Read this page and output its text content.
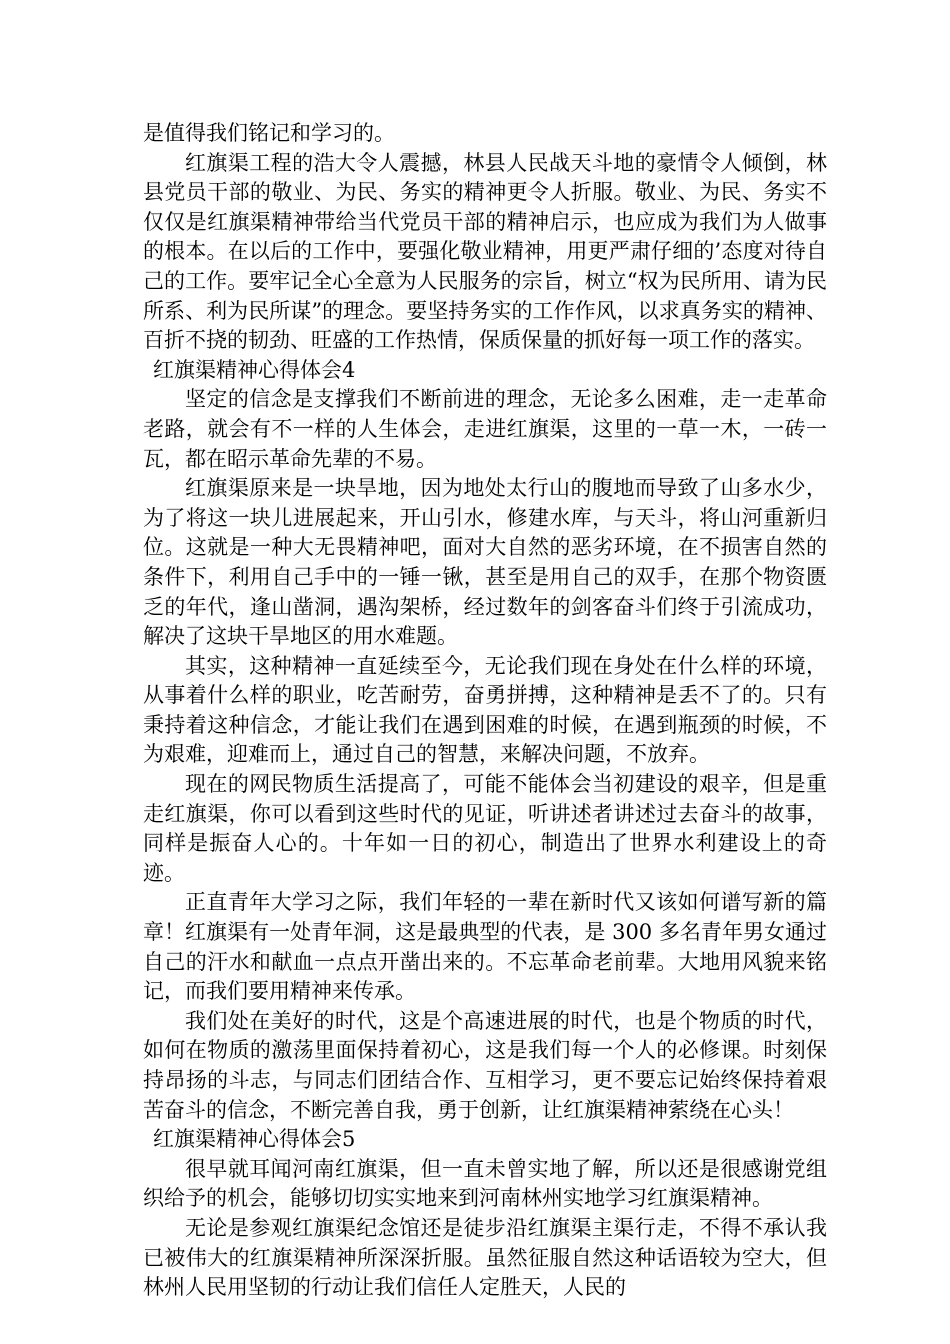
是值得我们铭记和学习的。

红旗渠工程的浩大令人震撼，林县人民战天斗地的豪情令人倾倒，林县党员干部的敬业、为民、务实的精神更令人折服。敬业、为民、务实不仅仅是红旗渠精神带给当代党员干部的精神启示，也应成为我们为人做事的根本。在以后的工作中，要强化敬业精神，用更严肃仔细的’态度对待自己的工作。要牢记全心全意为人民服务的宗旨，树立“权为民所用、请为民所系、利为民所谋”的理念。要坚持务实的工作作风，以求真务实的精神、百折不挠的韧劲、旺盛的工作热情，保质保量的抓好每一项工作的落实。

红旗渠精神心得体会4

坚定的信念是支撑我们不断前进的理念，无论多么困难，走一走革命老路，就会有不一样的人生体会，走进红旗渠，这里的一草一木，一砖一瓦，都在昭示革命先辈的不易。

红旗渠原来是一块旱地，因为地处太行山的腹地而导致了山多水少，为了将这一块儿进展起来，开山引水，修建水库，与天斗，将山河重新归位。这就是一种大无畏精神吧，面对大自然的恶劣环境，在不损害自然的条件下，利用自己手中的一锤一锹，甚至是用自己的双手，在那个物资匮乏的年代，逢山凿洞，遇沟架桥，经过数年的剑客奋斗们终于引流成功，解决了这块干旱地区的用水难题。

其实，这种精神一直延续至今，无论我们现在身处在什么样的环境，从事着什么样的职业，吃苦耐劳，奋勇拼搏，这种精神是丢不了的。只有秉持着这种信念，才能让我们在遇到困难的时候，在遇到瓶颈的时候，不为艰难，迎难而上，通过自己的智慧，来解决问题，不放弃。

现在的网民物质生活提高了，可能不能体会当初建设的艰辛，但是重走红旗渠，你可以看到这些时代的见证，听讲述者讲述过去奋斗的故事，同样是振奋人心的。十年如一日的初心，制造出了世界水利建设上的奇迹。

正直青年大学习之际，我们年轻的一辈在新时代又该如何谱写新的篇章！红旗渠有一处青年洞，这是最典型的代表，是 300 多名青年男女通过自己的汗水和献血一点点开凿出来的。不忘革命老前辈。大地用风貌来铭记，而我们要用精神来传承。

我们处在美好的时代，这是个高速进展的时代，也是个物质的时代，如何在物质的激荡里面保持着初心，这是我们每一个人的必修课。时刻保持昂扬的斗志，与同志们团结合作、互相学习，更不要忘记始终保持着艰苦奋斗的信念，不断完善自我，勇于创新，让红旗渠精神萦绕在心头！

红旗渠精神心得体会5

很早就耳闻河南红旗渠，但一直未曾实地了解，所以还是很感谢党组织给予的机会，能够切切实实地来到河南林州实地学习红旗渠精神。

无论是参观红旗渠纪念馆还是徒步沿红旗渠主渠行走，不得不承认我已被伟大的红旗渠精神所深深折服。虽然征服自然这种话语较为空大，但林州人民用坚韧的行动让我们信任人定胜天，人民的
